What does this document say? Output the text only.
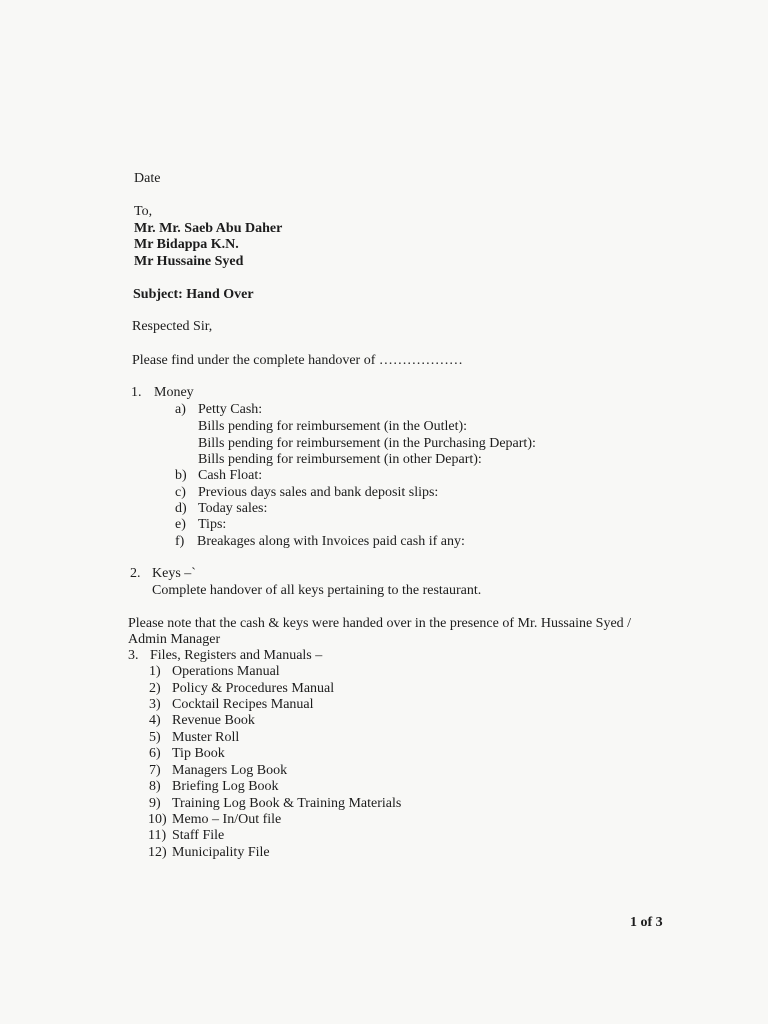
Date
To,
Mr. Mr. Saeb Abu Daher
Mr Bidappa K.N.
Mr Hussaine Syed
Subject: Hand Over
Respected Sir,
Please find under the complete handover of ………………
1. Money
a) Petty Cash:
Bills pending for reimbursement (in the Outlet):
Bills pending for reimbursement (in the Purchasing Depart):
Bills pending for reimbursement (in other Depart):
b) Cash Float:
c) Previous days sales and bank deposit slips:
d) Today sales:
e) Tips:
f) Breakages along with Invoices paid cash if any:
2. Keys –`
Complete handover of all keys pertaining to the restaurant.
Please note that the cash & keys were handed over in the presence of Mr. Hussaine Syed /
Admin Manager
3. Files, Registers and Manuals –
1) Operations Manual
2) Policy & Procedures Manual
3) Cocktail Recipes Manual
4) Revenue Book
5) Muster Roll
6) Tip Book
7) Managers Log Book
8) Briefing Log Book
9) Training Log Book & Training Materials
10) Memo – In/Out file
11) Staff File
12) Municipality File
1 of 3
